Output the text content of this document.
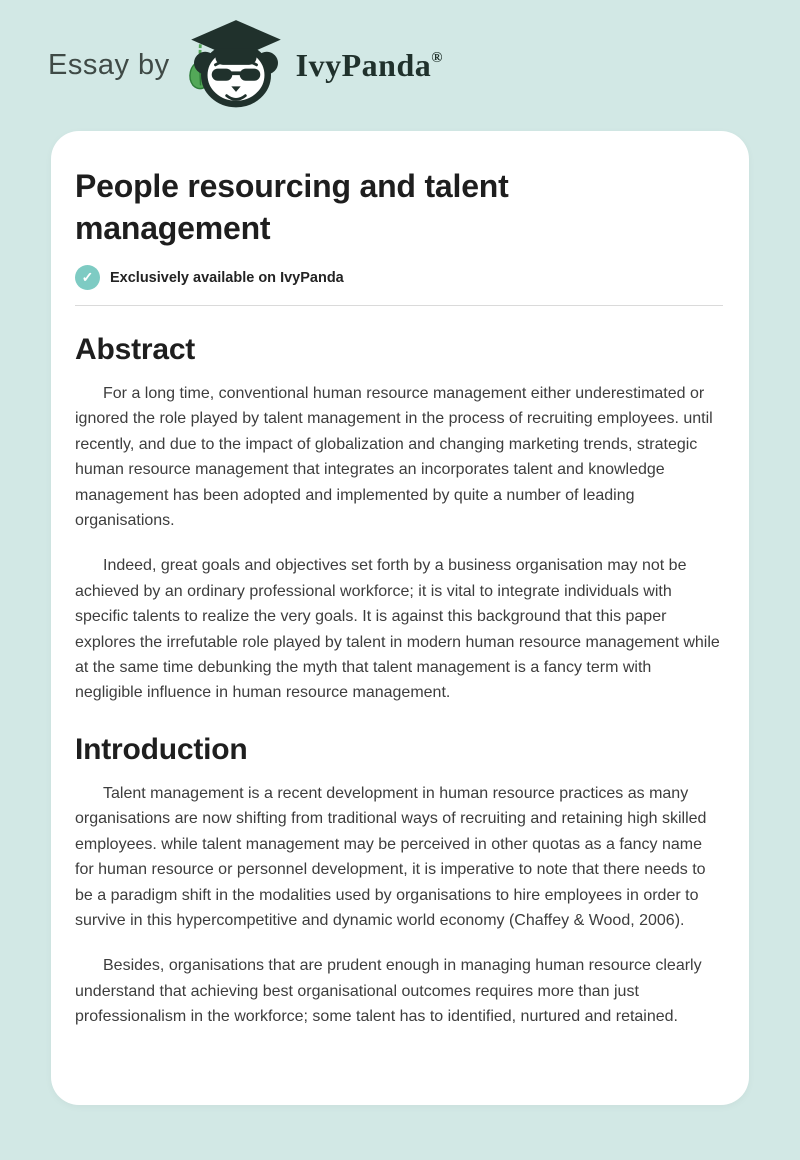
Essay by	IvyPanda®
People resourcing and talent management
✓	Exclusively available on IvyPanda
Abstract

For a long time, conventional human resource management either underestimated or ignored the role played by talent management in the process of recruiting employees. until recently, and due to the impact of globalization and changing marketing trends, strategic human resource management that integrates an incorporates talent and knowledge management has been adopted and implemented by quite a number of leading organisations.

Indeed, great goals and objectives set forth by a business organisation may not be achieved by an ordinary professional workforce; it is vital to integrate individuals with specific talents to realize the very goals. It is against this background that this paper explores the irrefutable role played by talent in modern human resource management while at the same time debunking the myth that talent management is a fancy term with negligible influence in human resource management.

Introduction

Talent management is a recent development in human resource practices as many organisations are now shifting from traditional ways of recruiting and retaining high skilled employees. while talent management may be perceived in other quotas as a fancy name for human resource or personnel development, it is imperative to note that there needs to be a paradigm shift in the modalities used by organisations to hire employees in order to survive in this hypercompetitive and dynamic world economy (Chaffey & Wood, 2006).

Besides, organisations that are prudent enough in managing human resource clearly understand that achieving best organisational outcomes requires more than just professionalism in the workforce; some talent has to identified, nurtured and retained.
